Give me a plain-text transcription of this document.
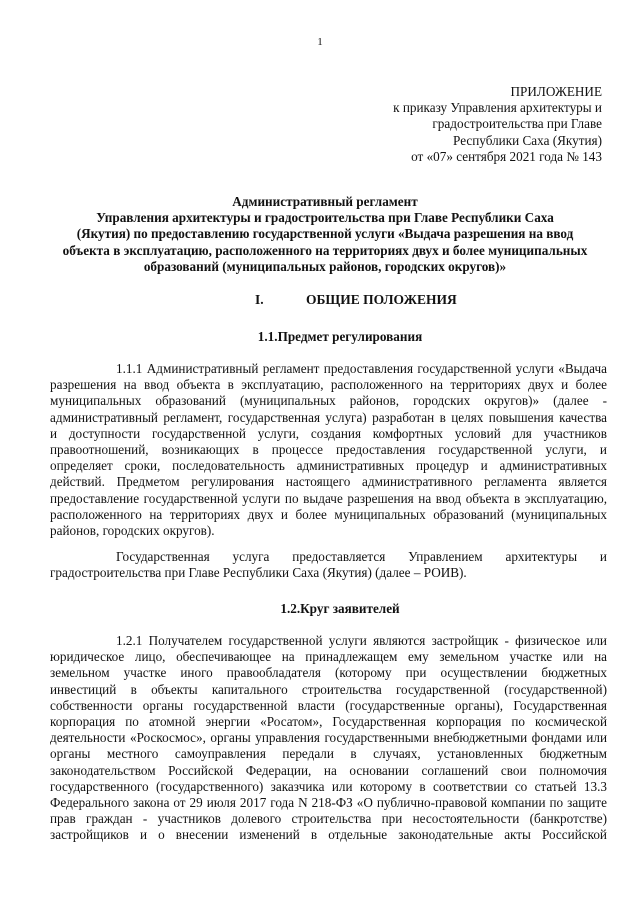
1
ПРИЛОЖЕНИЕ
к приказу Управления архитектуры и
градостроительства при Главе
Республики Саха (Якутия)
от «07» сентября 2021 года № 143
Административный регламент
Управления архитектуры и градостроительства при Главе Республики Саха
(Якутия) по предоставлению государственной услуги «Выдача разрешения на ввод
объекта в эксплуатацию, расположенного на территориях двух и более муниципальных
образований (муниципальных районов, городских округов)»
I.	ОБЩИЕ ПОЛОЖЕНИЯ
1.1.Предмет регулирования
1.1.1 Административный регламент предоставления государственной услуги «Выдача
разрешения на ввод объекта в эксплуатацию, расположенного на территориях двух и более
муниципальных образований (муниципальных районов, городских округов)» (далее -
административный регламент, государственная услуга) разработан в целях повышения качества
и доступности государственной услуги, создания комфортных условий для участников
правоотношений, возникающих в процессе предоставления государственной услуги, и
определяет сроки, последовательность административных процедур и административных
действий. Предметом регулирования настоящего административного регламента является
предоставление государственной услуги по выдаче разрешения на ввод объекта в эксплуатацию,
расположенного на территориях двух и более муниципальных образований (муниципальных
районов, городских округов).
Государственная услуга предоставляется Управлением архитектуры и
градостроительства при Главе Республики Саха (Якутия) (далее – РОИВ).
1.2.Круг заявителей
1.2.1 Получателем государственной услуги являются застройщик - физическое или
юридическое лицо, обеспечивающее на принадлежащем ему земельном участке или на
земельном участке иного правообладателя (которому при осуществлении бюджетных
инвестиций в объекты капитального строительства государственной (государственной)
собственности органы государственной власти (государственные органы), Государственная
корпорация по атомной энергии «Росатом», Государственная корпорация по космической
деятельности «Роскосмос», органы управления государственными внебюджетными фондами или
органы местного самоуправления передали в случаях, установленных бюджетным
законодательством Российской Федерации, на основании соглашений свои полномочия
государственного (государственного) заказчика или которому в соответствии со статьей 13.3
Федерального закона от 29 июля 2017 года N 218-ФЗ «О публично-правовой компании по защите
прав граждан - участников долевого строительства при несостоятельности (банкротстве)
застройщиков и о внесении изменений в отдельные законодательные акты Российской
